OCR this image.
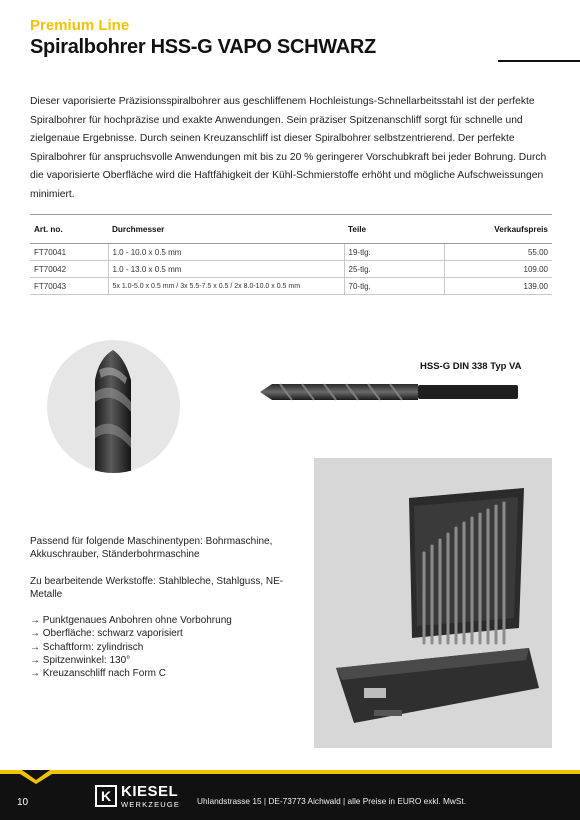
Premium Line
Spiralbohrer HSS-G VAPO SCHWARZ
Dieser vaporisierte Präzisionsspiralbohrer aus geschliffenem Hochleistungs-Schnellarbeitsstahl ist der perfekte Spiralbohrer für hochpräzise und exakte Anwendungen. Sein präziser Spitzenanschliff sorgt für schnelle und zielgenaue Ergebnisse. Durch seinen Kreuzanschliff ist dieser Spiralbohrer selbstzentrierend. Der perfekte Spiralbohrer für anspruchsvolle Anwendungen mit bis zu 20 % geringerer Vorschubkraft bei jeder Bohrung. Durch die vaporisierte Oberfläche wird die Haftfähigkeit der Kühl-Schmierstoffe erhöht und mögliche Aufschweissungen minimiert.
Art. no.	Durchmesser	Teile	Verkaufspreis
FT70041	1.0 - 10.0 x 0.5 mm	19-tlg.	55.00
FT70042	1.0 - 13.0 x 0.5 mm	25-tlg.	109.00
FT70043	5x 1.0-5.0 x 0.5 mm / 3x 5.5-7.5 x 0.5 / 2x 8.0-10.0 x 0.5 mm	70-tlg.	139.00
HSS-G DIN 338 Typ VA

Passend für folgende Maschinentypen: Bohrmaschine, Akkuschrauber, Ständerbohrmaschine

Zu bearbeitende Werkstoffe: Stahlbleche, Stahlguss, NE-Metalle

→ Punktgenaues Anbohren ohne Vorbohrung
→ Oberfläche: schwarz vaporisiert
→ Schaftform: zylindrisch
→ Spitzenwinkel: 130°
→ Kreuzanschliff nach Form C
10	K KIESEL
WERKZEUGE Uhlandstrasse 15 | DE-73773 Aichwald | alle Preise in EURO exkl. MwSt.
